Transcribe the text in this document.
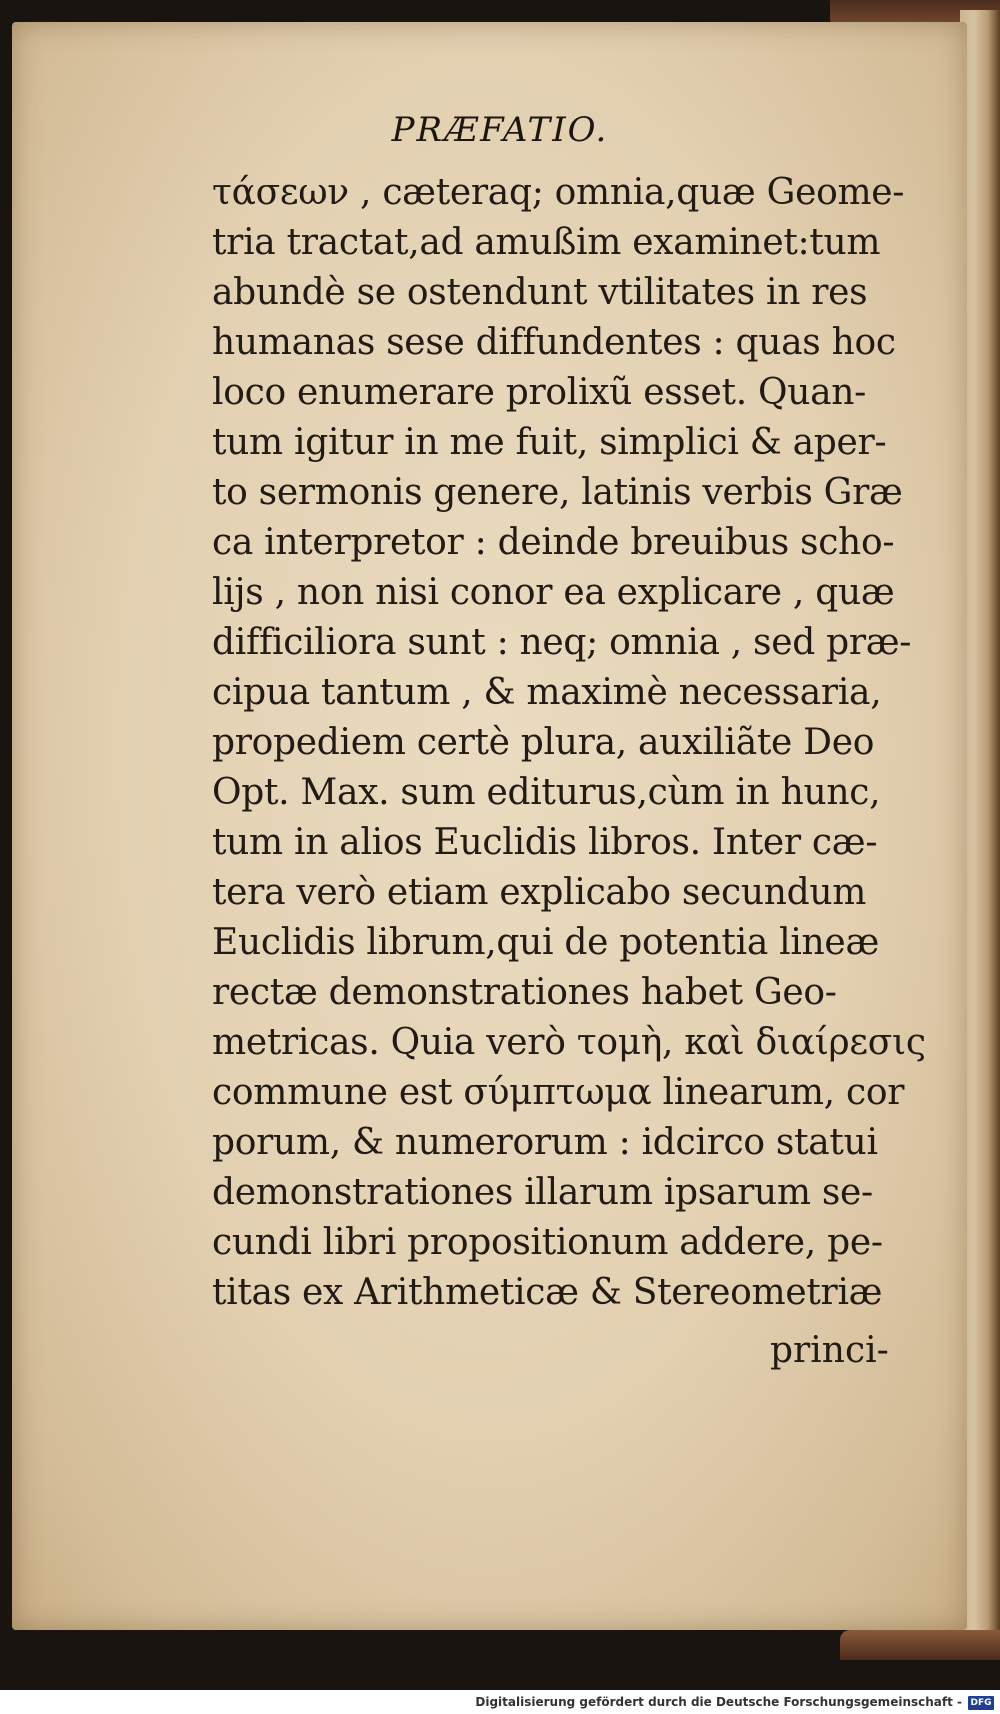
PRÆFATIO.
τάσεων , cæteraq; omnia,quæ Geome-
tria tractat,ad amußim examinet:tum
abundè se ostendunt vtilitates in res
humanas sese diffundentes : quas hoc
loco enumerare prolixũ esset. Quan-
tum igitur in me fuit, simplici & aper-
to sermonis genere, latinis verbis Græ
ca interpretor : deinde breuibus scho-
lijs , non nisi conor ea explicare , quæ
difficiliora sunt : neq; omnia , sed præ-
cipua tantum , & maximè necessaria,
propediem certè plura, auxiliãte Deo
Opt. Max. sum editurus,cùm in hunc,
tum in alios Euclidis libros. Inter cæ-
tera verò etiam explicabo secundum
Euclidis librum,qui de potentia lineæ
rectæ demonstrationes habet Geo-
metricas. Quia verò τομὴ, καὶ διαίρεσις
commune est σύμπτωμα linearum, cor
porum, & numerorum : idcirco statui
demonstrationes illarum ipsarum se-
cundi libri propositionum addere, pe-
titas ex Arithmeticæ & Stereometriæ
princi-
Digitalisierung gefördert durch die Deutsche Forschungsgemeinschaft - DFG
